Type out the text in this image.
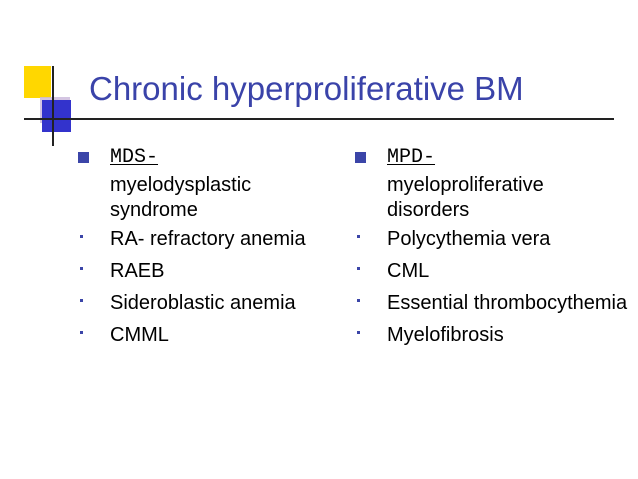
Chronic hyperproliferative BM
MDS-
myelodysplastic syndrome
RA- refractory anemia
RAEB
Sideroblastic anemia
CMML
MPD-
myeloproliferative disorders
Polycythemia vera
CML
Essential thrombocythemia
Myelofibrosis
